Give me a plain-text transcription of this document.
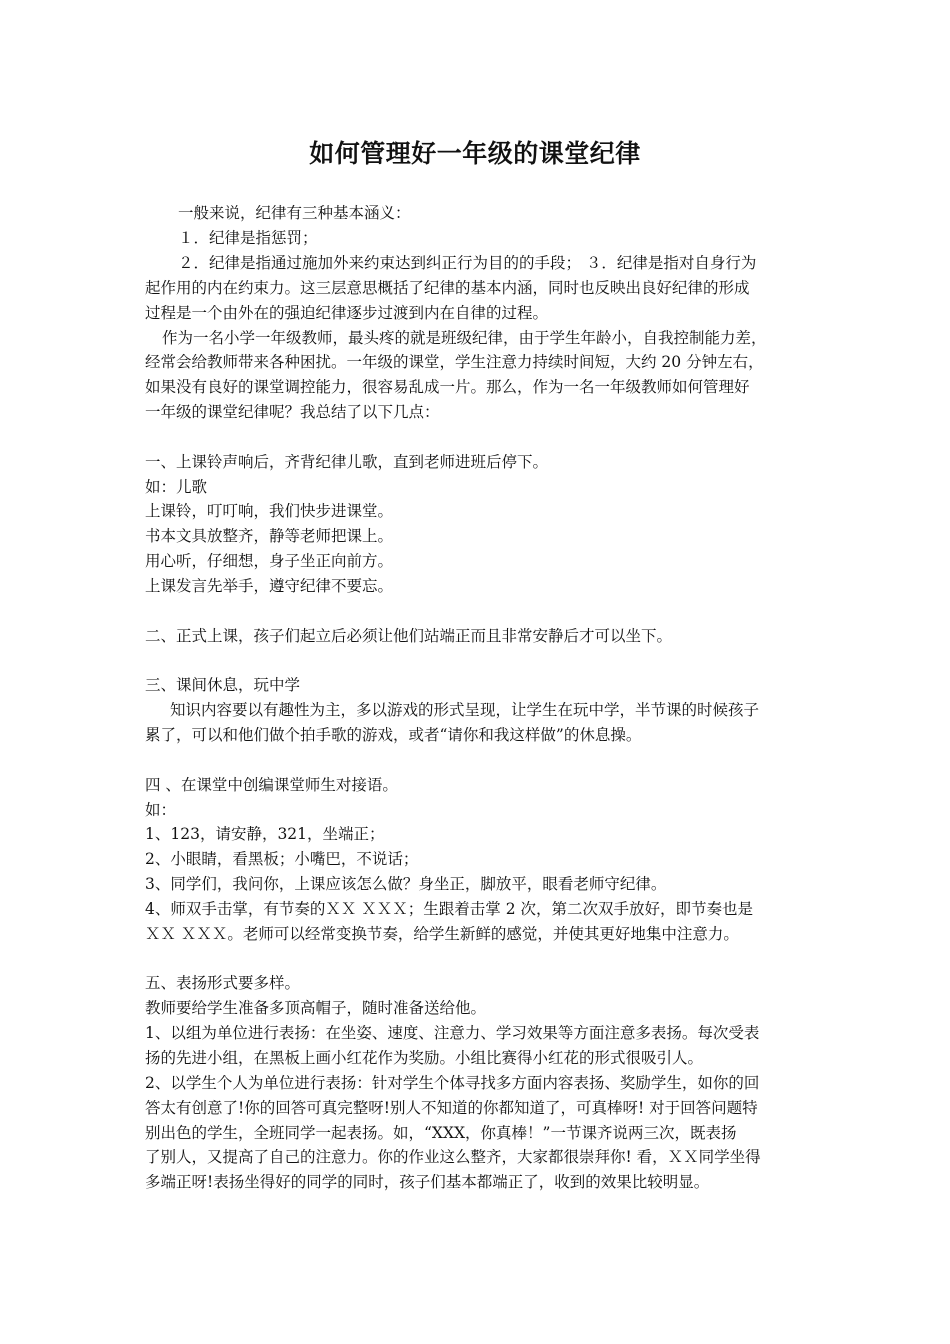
如何管理好一年级的课堂纪律
一般来说，纪律有三种基本涵义：
１．纪律是指惩罚；
２．纪律是指通过施加外来约束达到纠正行为目的的手段； ３．纪律是指对自身行为
起作用的内在约束力。这三层意思概括了纪律的基本内涵，同时也反映出良好纪律的形成
过程是一个由外在的强迫纪律逐步过渡到内在自律的过程。
作为一名小学一年级教师，最头疼的就是班级纪律，由于学生年龄小，自我控制能力差，
经常会给教师带来各种困扰。一年级的课堂，学生注意力持续时间短，大约 20 分钟左右，
如果没有良好的课堂调控能力，很容易乱成一片。那么，作为一名一年级教师如何管理好
一年级的课堂纪律呢？我总结了以下几点：
一、上课铃声响后，齐背纪律儿歌，直到老师进班后停下。
如：儿歌
上课铃，叮叮响，我们快步进课堂。
书本文具放整齐，静等老师把课上。
用心听，仔细想，身子坐正向前方。
上课发言先举手，遵守纪律不要忘。
二、正式上课，孩子们起立后必须让他们站端正而且非常安静后才可以坐下。
三、课间休息，玩中学
知识内容要以有趣性为主，多以游戏的形式呈现，让学生在玩中学，半节课的时候孩子
累了，可以和他们做个拍手歌的游戏，或者“请你和我这样做”的休息操。
四 、在课堂中创编课堂师生对接语。
如：
1、123，请安静，321，坐端正；
2、小眼睛，看黑板；小嘴巴，不说话；
3、同学们，我问你，上课应该怎么做？身坐正，脚放平，眼看老师守纪律。
4、师双手击掌，有节奏的ＸＸ ＸＸＸ；生跟着击掌 2 次，第二次双手放好，即节奏也是
ＸＸ ＸＸＸ。老师可以经常变换节奏，给学生新鲜的感觉，并使其更好地集中注意力。
五、表扬形式要多样。
教师要给学生准备多顶高帽子，随时准备送给他。
1、以组为单位进行表扬：在坐姿、速度、注意力、学习效果等方面注意多表扬。每次受表
扬的先进小组，在黑板上画小红花作为奖励。小组比赛得小红花的形式很吸引人。
2、以学生个人为单位进行表扬：针对学生个体寻找多方面内容表扬、奖励学生，如你的回
答太有创意了!你的回答可真完整呀!别人不知道的你都知道了，可真棒呀! 对于回答问题特
别出色的学生，全班同学一起表扬。如，“XXX，你真棒！”一节课齐说两三次，既表扬
了别人，又提高了自己的注意力。你的作业这么整齐，大家都很崇拜你! 看，ＸＸ同学坐得
多端正呀!表扬坐得好的同学的同时，孩子们基本都端正了，收到的效果比较明显。
